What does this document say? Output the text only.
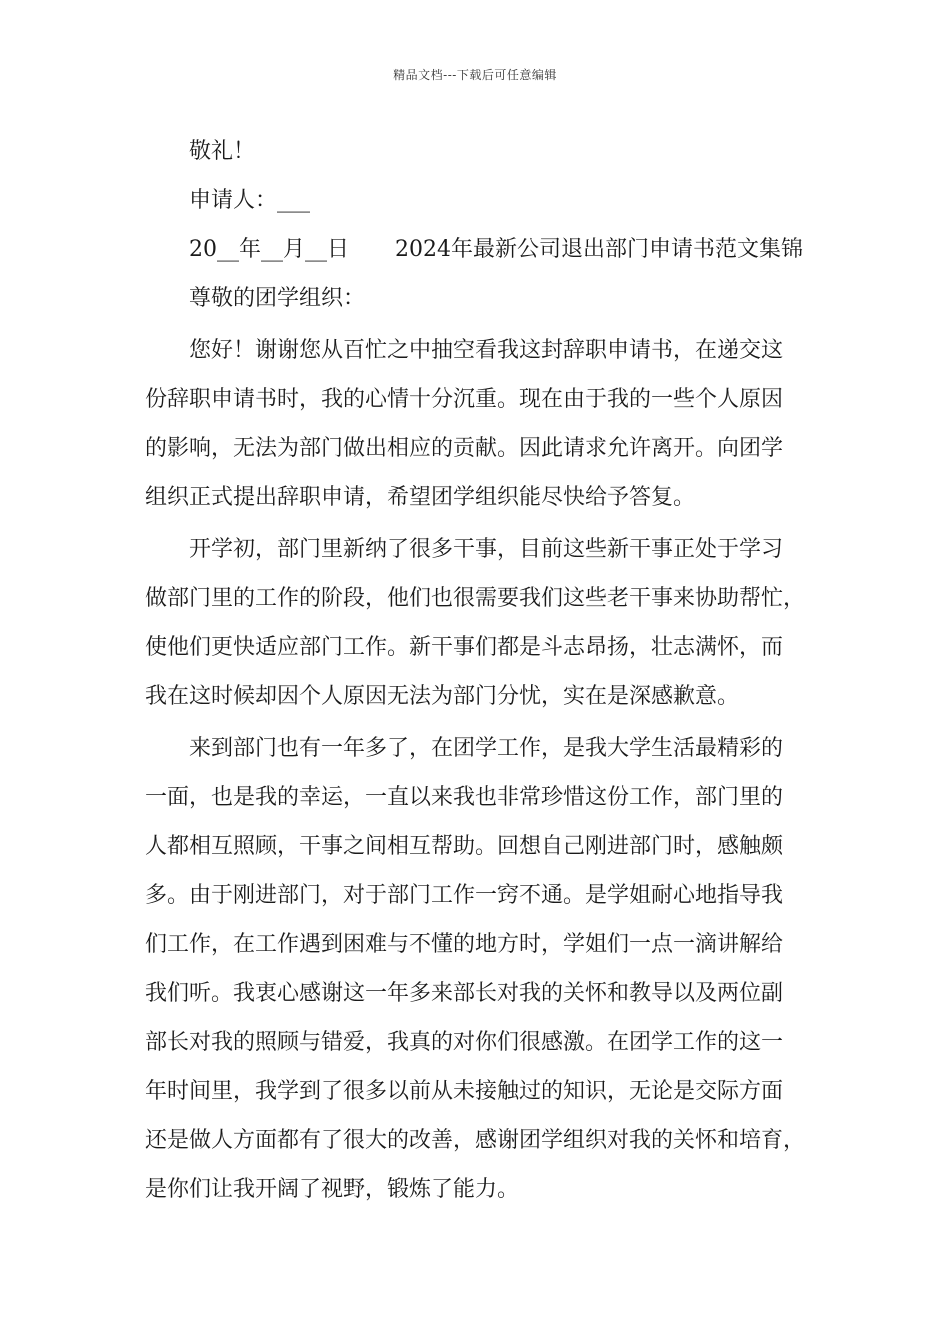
精品文档---下载后可任意编辑
敬礼！
申请人：___
20__年__月__日 2024年最新公司退出部门申请书范文集锦
尊敬的团学组织：
您好！谢谢您从百忙之中抽空看我这封辞职申请书，在递交这
份辞职申请书时，我的心情十分沉重。现在由于我的一些个人原因
的影响，无法为部门做出相应的贡献。因此请求允许离开。向团学
组织正式提出辞职申请，希望团学组织能尽快给予答复。
开学初，部门里新纳了很多干事，目前这些新干事正处于学习
做部门里的工作的阶段，他们也很需要我们这些老干事来协助帮忙，
使他们更快适应部门工作。新干事们都是斗志昂扬，壮志满怀，而
我在这时候却因个人原因无法为部门分忧，实在是深感歉意。
来到部门也有一年多了，在团学工作，是我大学生活最精彩的
一面，也是我的幸运，一直以来我也非常珍惜这份工作，部门里的
人都相互照顾，干事之间相互帮助。回想自己刚进部门时，感触颇
多。由于刚进部门，对于部门工作一窍不通。是学姐耐心地指导我
们工作，在工作遇到困难与不懂的地方时，学姐们一点一滴讲解给
我们听。我衷心感谢这一年多来部长对我的关怀和教导以及两位副
部长对我的照顾与错爱，我真的对你们很感激。在团学工作的这一
年时间里，我学到了很多以前从未接触过的知识，无论是交际方面
还是做人方面都有了很大的改善，感谢团学组织对我的关怀和培育，
是你们让我开阔了视野，锻炼了能力。
